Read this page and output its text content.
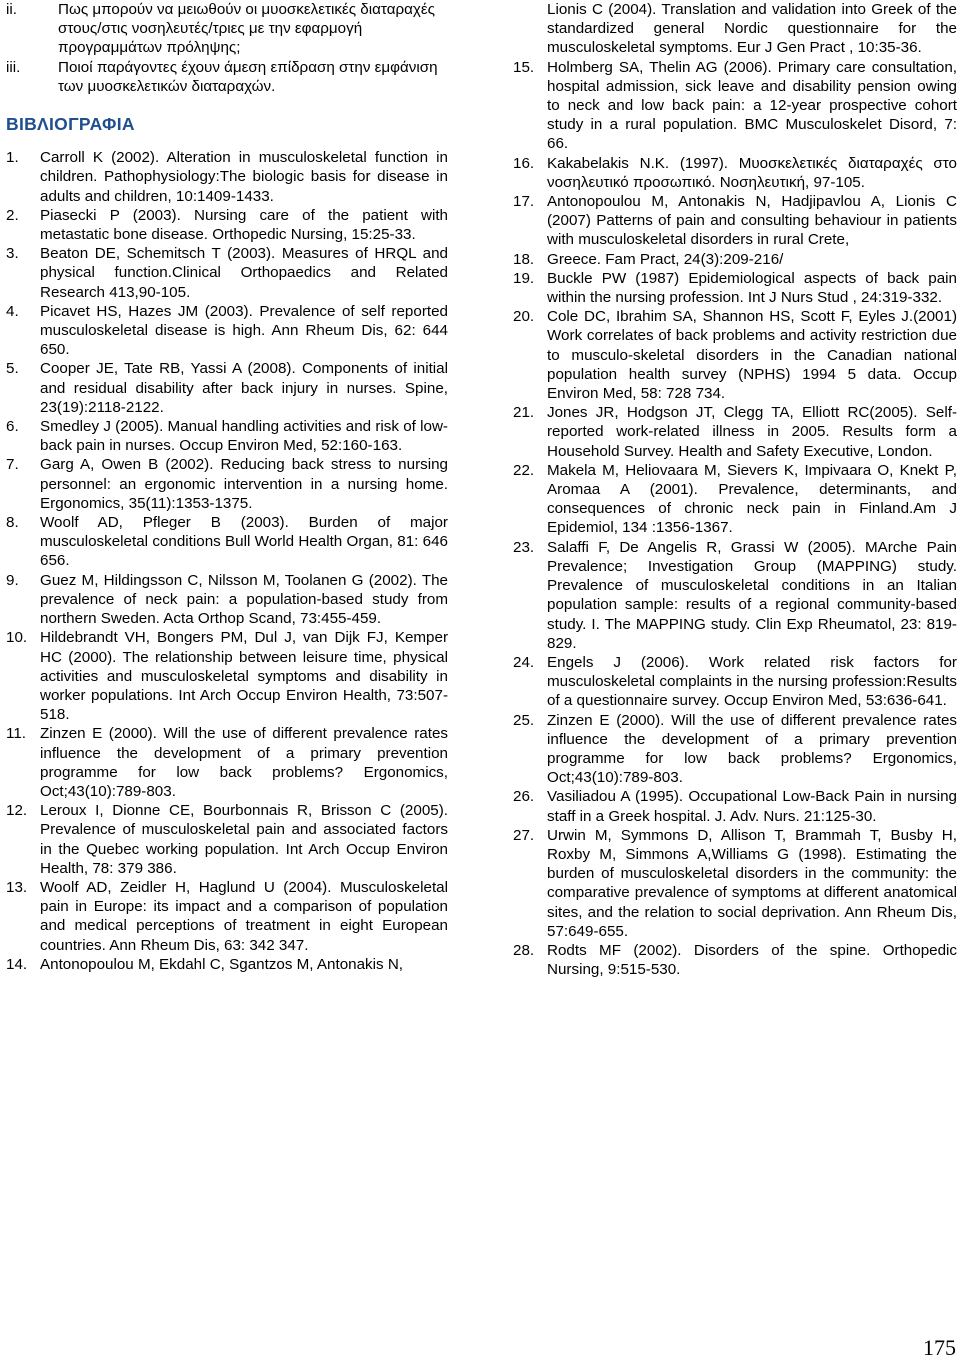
ii.	Πως μπορούν να μειωθούν οι μυοσκελετικές διαταραχές στους/στις νοσηλευτές/τριες με την εφαρμογή προγραμμάτων πρόληψης;
iii.	Ποιοί παράγοντες έχουν άμεση επίδραση στην εμφάνιση των μυοσκελετικών διαταραχών.
ΒΙΒΛΙΟΓΡΑΦΙΑ
1. Carroll K (2002). Alteration in musculoskeletal function in children. Pathophysiology:The biologic basis for disease in adults and children, 10:1409-1433.
2. Piasecki P (2003). Nursing care of the patient with metastatic bone disease. Orthopedic Nursing, 15:25-33.
3. Beaton DE, Schemitsch T (2003). Measures of HRQL and physical function.Clinical Orthopaedics and Related Research 413,90-105.
4. Picavet HS, Hazes JM (2003). Prevalence of self reported musculoskeletal disease is high. Ann Rheum Dis, 62: 644 650.
5. Cooper JE, Tate RB, Yassi A (2008). Components of initial and residual disability after back injury in nurses. Spine, 23(19):2118-2122.
6. Smedley J (2005). Manual handling activities and risk of low-back pain in nurses. Occup Environ Med, 52:160-163.
7. Garg A, Owen B (2002). Reducing back stress to nursing personnel: an ergonomic intervention in a nursing home. Ergonomics, 35(11):1353-1375.
8. Woolf AD, Pfleger B (2003). Burden of major musculoskeletal conditions Bull World Health Organ, 81: 646 656.
9. Guez M, Hildingsson C, Nilsson M, Toolanen G (2002). The prevalence of neck pain: a population-based study from northern Sweden. Acta Orthop Scand, 73:455-459.
10. Hildebrandt VH, Bongers PM, Dul J, van Dijk FJ, Kemper HC (2000). The relationship between leisure time, physical activities and musculoskeletal symptoms and disability in worker populations. Int Arch Occup Environ Health, 73:507-518.
11. Zinzen E (2000). Will the use of different prevalence rates influence the development of a primary prevention programme for low back problems? Ergonomics, Oct;43(10):789-803.
12. Leroux I, Dionne CE, Bourbonnais R, Brisson C (2005). Prevalence of musculoskeletal pain and associated factors in the Quebec working population. Int Arch Occup Environ Health, 78: 379 386.
13. Woolf AD, Zeidler H, Haglund U (2004). Musculoskeletal pain in Europe: its impact and a comparison of population and medical perceptions of treatment in eight European countries. Ann Rheum Dis, 63: 342 347.
14. Antonopoulou M, Ekdahl C, Sgantzos M, Antonakis N,
Lionis C (2004). Translation and validation into Greek of the standardized general Nordic questionnaire for the musculoskeletal symptoms. Eur J Gen Pract , 10:35-36.
15. Holmberg SA, Thelin AG (2006). Primary care consultation, hospital admission, sick leave and disability pension owing to neck and low back pain: a 12-year prospective cohort study in a rural population. BMC Musculoskelet Disord, 7: 66.
16. Kakabelakis N.K. (1997). Μυοσκελετικές διαταραχές στο νοσηλευτικό προσωπικό. Νοσηλευτική, 97-105.
17. Antonopoulou M, Antonakis N, Hadjipavlou A, Lionis C (2007) Patterns of pain and consulting behaviour in patients with musculoskeletal disorders in rural Crete,
18. Greece. Fam Pract, 24(3):209-216/
19. Buckle PW (1987) Epidemiological aspects of back pain within the nursing profession. Int J Nurs Stud , 24:319-332.
20. Cole DC, Ibrahim SA, Shannon HS, Scott F, Eyles J.(2001) Work correlates of back problems and activity restriction due to musculo-skeletal disorders in the Canadian national population health survey (NPHS) 1994 5 data. Occup Environ Med, 58: 728 734.
21. Jones JR, Hodgson JT, Clegg TA, Elliott RC(2005). Self-reported work-related illness in 2005. Results form a Household Survey. Health and Safety Executive, London.
22. Makela M, Heliovaara M, Sievers K, Impivaara O, Knekt P, Aromaa A (2001). Prevalence, determinants, and consequences of chronic neck pain in Finland.Am J Epidemiol, 134 :1356-1367.
23. Salaffi F, De Angelis R, Grassi W (2005). MArche Pain Prevalence; Investigation Group (MAPPING) study. Prevalence of musculoskeletal conditions in an Italian population sample: results of a regional community-based study. I. The MAPPING study. Clin Exp Rheumatol, 23: 819-829.
24. Engels J (2006). Work related risk factors for musculoskeletal complaints in the nursing profession:Results of a questionnaire survey. Occup Environ Med, 53:636-641.
25. Zinzen E (2000). Will the use of different prevalence rates influence the development of a primary prevention programme for low back problems? Ergonomics, Oct;43(10):789-803.
26. Vasiliadou A (1995). Occupational Low-Back Pain in nursing staff in a Greek hospital. J. Adv. Nurs. 21:125-30.
27. Urwin M, Symmons D, Allison T, Brammah T, Busby H, Roxby M, Simmons A,Williams G (1998). Estimating the burden of musculoskeletal disorders in the community: the comparative prevalence of symptoms at different anatomical sites, and the relation to social deprivation. Ann Rheum Dis, 57:649-655.
28. Rodts MF (2002). Disorders of the spine. Orthopedic Nursing, 9:515-530.
175
